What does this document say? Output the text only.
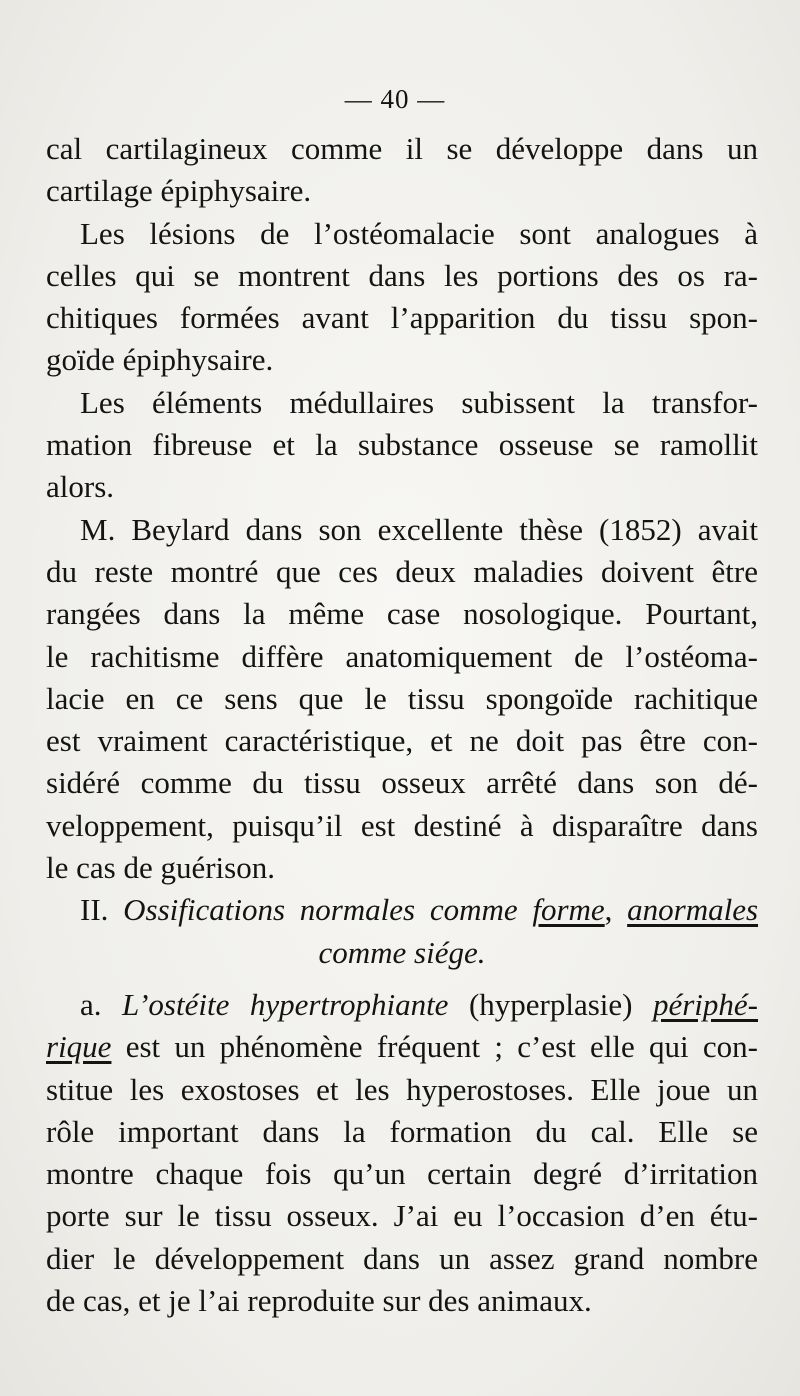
— 40 —
cal cartilagineux comme il se développe dans un
cartilage épiphysaire.
Les lésions de l’ostéomalacie sont analogues à
celles qui se montrent dans les portions des os ra-
chitiques formées avant l’apparition du tissu spon-
goïde épiphysaire.
Les éléments médullaires subissent la transfor-
mation fibreuse et la substance osseuse se ramollit
alors.
M. Beylard dans son excellente thèse (1852) avait
du reste montré que ces deux maladies doivent être
rangées dans la même case nosologique. Pourtant,
le rachitisme diffère anatomiquement de l’ostéoma-
lacie en ce sens que le tissu spongoïde rachitique
est vraiment caractéristique, et ne doit pas être con-
sidéré comme du tissu osseux arrêté dans son dé-
veloppement, puisqu’il est destiné à disparaître dans
le cas de guérison.
II. Ossifications normales comme forme, anormales
comme siége.
a. L’ostéite hypertrophiante (hyperplasie) périphé-
rique est un phénomène fréquent ; c’est elle qui con-
stitue les exostoses et les hyperostoses. Elle joue un
rôle important dans la formation du cal. Elle se
montre chaque fois qu’un certain degré d’irritation
porte sur le tissu osseux. J’ai eu l’occasion d’en étu-
dier le développement dans un assez grand nombre
de cas, et je l’ai reproduite sur des animaux.
